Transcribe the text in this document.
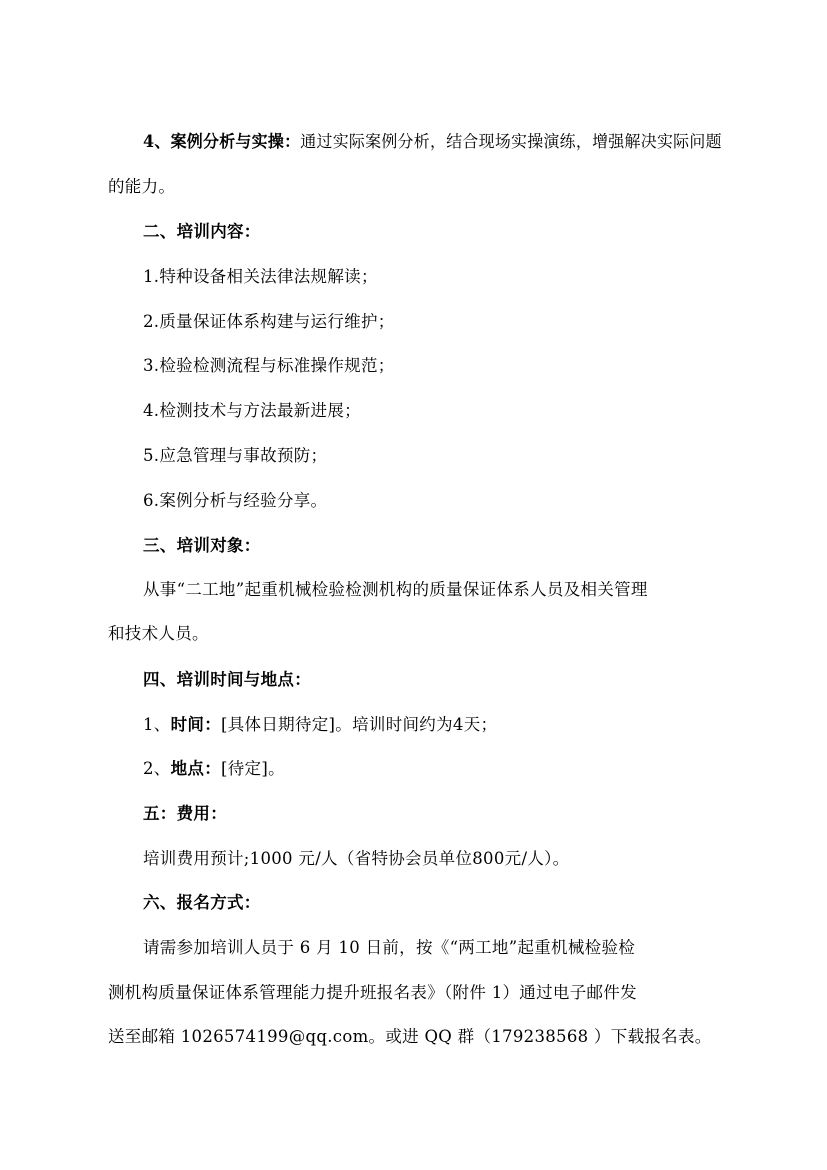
4、案例分析与实操：通过实际案例分析，结合现场实操演练，增强解决实际问题
的能力。
二、培训内容：
1.特种设备相关法律法规解读；
2.质量保证体系构建与运行维护；
3.检验检测流程与标准操作规范；
4.检测技术与方法最新进展；
5.应急管理与事故预防；
6.案例分析与经验分享。
三、培训对象：
从事“二工地”起重机械检验检测机构的质量保证体系人员及相关管理
和技术人员。
四、培训时间与地点：
1、时间：[具体日期待定]。培训时间约为4天；
2、地点：[待定]。
五：费用：
培训费用预计;1000 元/人（省特协会员单位800元/人）。
六、报名方式：
请需参加培训人员于 6 月 10 日前，按《“两工地”起重机械检验检
测机构质量保证体系管理能力提升班报名表》（附件 1）通过电子邮件发
送至邮箱 1026574199@qq.com。或进 QQ 群（179238568 ）下载报名表。
